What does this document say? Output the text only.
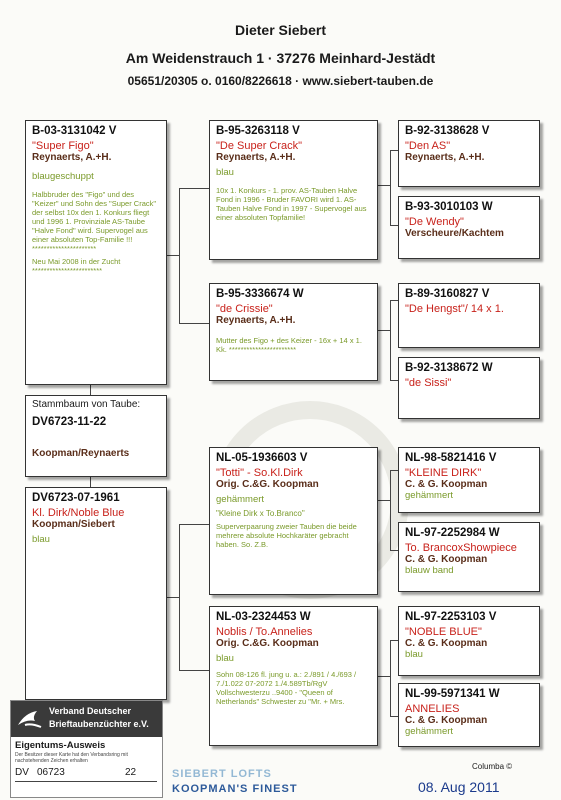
Dieter Siebert
Am Weidenstrauch 1 · 37276 Meinhard-Jestädt
05651/20305 o. 0160/8226618 · www.siebert-tauben.de
B-03-3131042 V
"Super Figo"
Reynaerts, A.+H.
blaugeschuppt
Halbbruder des "Figo" und des "Keizer" und Sohn des "Super Crack" der selbst 10x den 1. Konkurs fliegt und 1996 1. Provinziale AS-Taube "Halve Fond" wird. Supervogel aus einer absoluten Top-Familie !!! **********************
Neu Mai 2008 in der Zucht ************************
Stammbaum von Taube:
DV6723-11-22
Koopman/Reynaerts
DV6723-07-1961
Kl. Dirk/Noble Blue
Koopman/Siebert
blau
B-95-3263118 V
"De Super Crack"
Reynaerts, A.+H.
blau
10x 1. Konkurs - 1. prov. AS-Tauben Halve Fond in 1996 - Bruder FAVORI wird 1. AS-Tauben Halve Fond in 1997 - Supervogel aus einer absoluten Topfamilie!
B-95-3336674 W
"de Crissie"
Reynaerts, A.+H.
Mutter des Figo + des Keizer - 16x + 14 x 1. Kk. ***********************
NL-05-1936603 V
"Totti" - So.Kl.Dirk
Orig. C.&G. Koopman
gehämmert
"Kleine Dirk x To.Branco"
Superverpaarung zweier Tauben die beide mehrere absolute Hochkaräter gebracht haben. So. Z.B.
NL-03-2324453 W
Noblis / To.Annelies
Orig. C.&G. Koopman
blau
Sohn 08-126 fl. jung u. a.: 2./891 / 4./693 / 7./1.022 07-2072 1./4.589Tb/RgV Vollschwesterzu ..9400 - "Queen of Netherlands" Schwester zu "Mr. + Mrs.
B-92-3138628 V
"Den AS"
Reynaerts, A.+H.
B-93-3010103 W
"De Wendy"
Verscheure/Kachtem
B-89-3160827 V
"De Hengst"/ 14 x 1.
B-92-3138672 W
"de Sissi"
NL-98-5821416 V
"KLEINE DIRK"
C. & G. Koopman
gehämmert
NL-97-2252984 W
To. BrancoxShowpiece
C. & G. Koopman
blauw band
NL-97-2253103 V
"NOBLE BLUE"
C. & G. Koopman
blau
NL-99-5971341 W
ANNELIES
C. & G. Koopman
gehämmert
Verband Deutscher
Brieftaubenzüchter e.V.
Eigentums-Ausweis
Der Besitzer dieser Karte hat den Verbandsring mit nachstehenden Zeichen erhalten
DV 06723	22
Columba ©
SIEBERT LOFTS
KOOPMAN'S FINEST	08. Aug 2011
